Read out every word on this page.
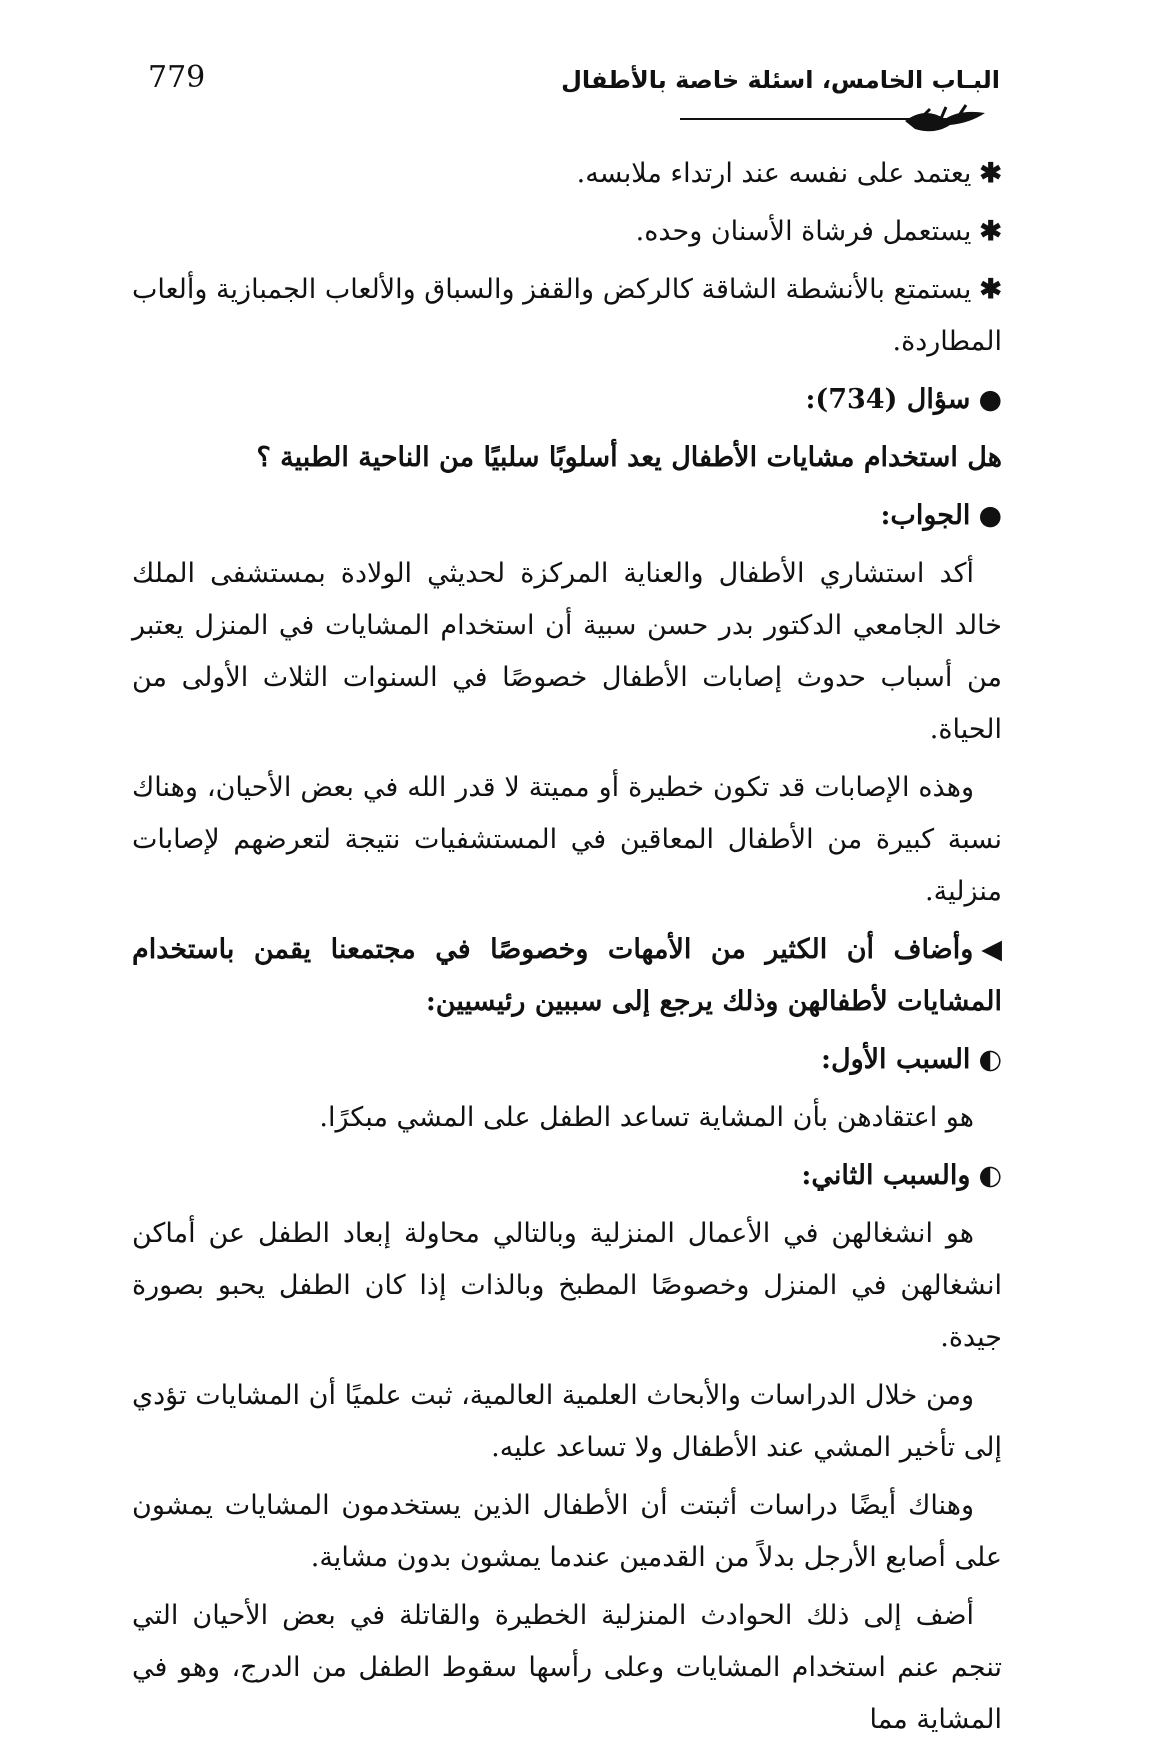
779	البـاب الخامس، اسئلة خاصة بالأطفال
✱يعتمد على نفسه عند ارتداء ملابسه.
✱يستعمل فرشاة الأسنان وحده.
✱يستمتع بالأنشطة الشاقة كالركض والقفز والسباق والألعاب الجمبازية وألعاب المطاردة.
●سؤال (734):
هل استخدام مشايات الأطفال يعد أسلوبًا سلبيًا من الناحية الطبية ؟
●الجواب:
أكد استشاري الأطفال والعناية المركزة لحديثي الولادة بمستشفى الملك خالد الجامعي الدكتور بدر حسن سبية أن استخدام المشايات في المنزل يعتبر من أسباب حدوث إصابات الأطفال خصوصًا في السنوات الثلاث الأولى من الحياة.
وهذه الإصابات قد تكون خطيرة أو مميتة لا قدر الله في بعض الأحيان، وهناك نسبة كبيرة من الأطفال المعاقين في المستشفيات نتيجة لتعرضهم لإصابات منزلية.
◀وأضاف أن الكثير من الأمهات وخصوصًا في مجتمعنا يقمن باستخدام المشايات لأطفالهن وذلك يرجع إلى سببين رئيسيين:
◐السبب الأول:
هو اعتقادهن بأن المشاية تساعد الطفل على المشي مبكرًا.
◐والسبب الثاني:
هو انشغالهن في الأعمال المنزلية وبالتالي محاولة إبعاد الطفل عن أماكن انشغالهن في المنزل وخصوصًا المطبخ وبالذات إذا كان الطفل يحبو بصورة جيدة.
ومن خلال الدراسات والأبحاث العلمية العالمية، ثبت علميًا أن المشايات تؤدي إلى تأخير المشي عند الأطفال ولا تساعد عليه.
وهناك أيضًا دراسات أثبتت أن الأطفال الذين يستخدمون المشايات يمشون على أصابع الأرجل بدلاً من القدمين عندما يمشون بدون مشاية.
أضف إلى ذلك الحوادث المنزلية الخطيرة والقاتلة في بعض الأحيان التي تنجم عنم استخدام المشايات وعلى رأسها سقوط الطفل من الدرج، وهو في المشاية مما
